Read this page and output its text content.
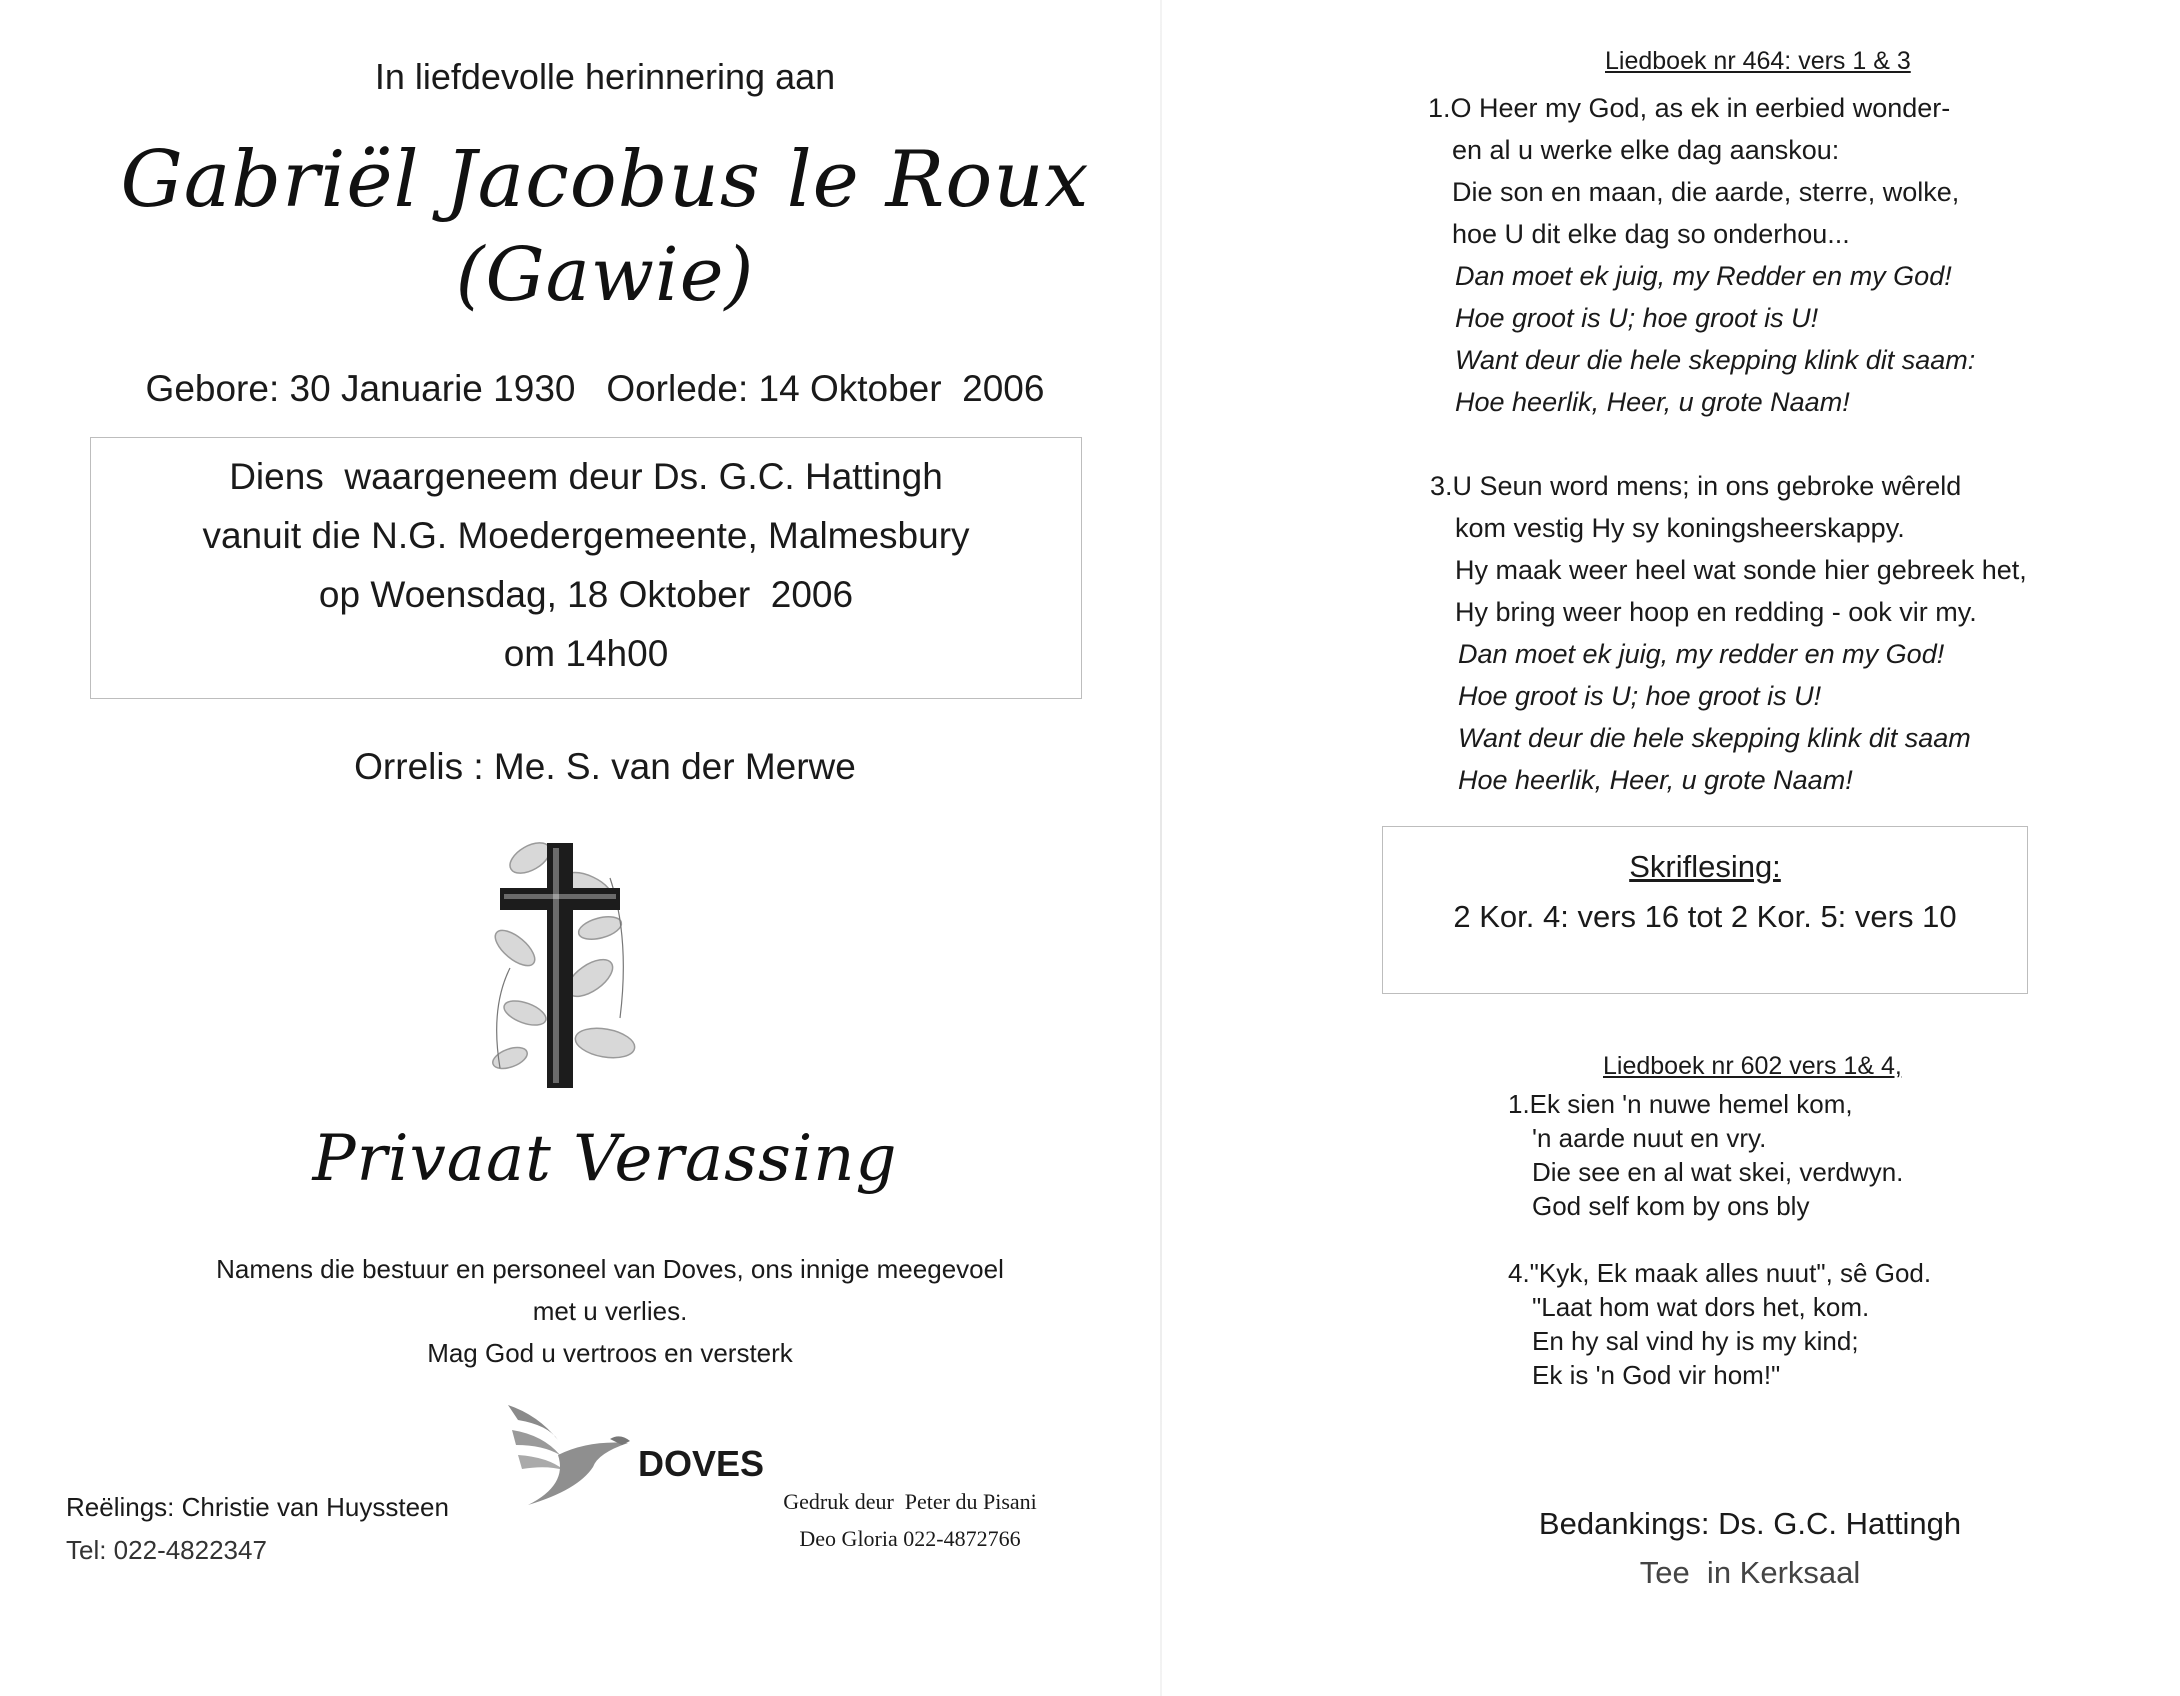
In liefdevolle herinnering aan
Gabriël Jacobus le Roux
(Gawie)
Gebore: 30 Januarie 1930   Oorlede: 14 Oktober  2006
Diens  waargeneem deur Ds. G.C. Hattingh
vanuit die N.G. Moedergemeente, Malmesbury
op Woensdag, 18 Oktober  2006
om 14h00
Orrelis : Me. S. van der Merwe
Privaat Verassing
Namens die bestuur en personeel van Doves, ons innige meegevoel
met u verlies.
Mag God u vertroos en versterk
DOVES
Reëlings: Christie van Huyssteen
Tel: 022-4822347
Gedruk deur  Peter du Pisani
Deo Gloria 022-4872766
Liedboek nr 464: vers 1 & 3
1.O Heer my God, as ek in eerbied wonder-
en al u werke elke dag aanskou:
Die son en maan, die aarde, sterre, wolke,
hoe U dit elke dag so onderhou...
Dan moet ek juig, my Redder en my God!
Hoe groot is U; hoe groot is U!
Want deur die hele skepping klink dit saam:
Hoe heerlik, Heer, u grote Naam!
3.U Seun word mens; in ons gebroke wêreld
kom vestig Hy sy koningsheerskappy.
Hy maak weer heel wat sonde hier gebreek het,
Hy bring weer hoop en redding - ook vir my.
Dan moet ek juig, my redder en my God!
Hoe groot is U; hoe groot is U!
Want deur die hele skepping klink dit saam
Hoe heerlik, Heer, u grote Naam!
Skriflesing:
2 Kor. 4: vers 16 tot 2 Kor. 5: vers 10
Liedboek nr 602 vers 1& 4,
1.Ek sien 'n nuwe hemel kom,
'n aarde nuut en vry.
Die see en al wat skei, verdwyn.
God self kom by ons bly
4."Kyk, Ek maak alles nuut", sê God.
"Laat hom wat dors het, kom.
En hy sal vind hy is my kind;
Ek is 'n God vir hom!"
Bedankings: Ds. G.C. Hattingh
Tee  in Kerksaal
